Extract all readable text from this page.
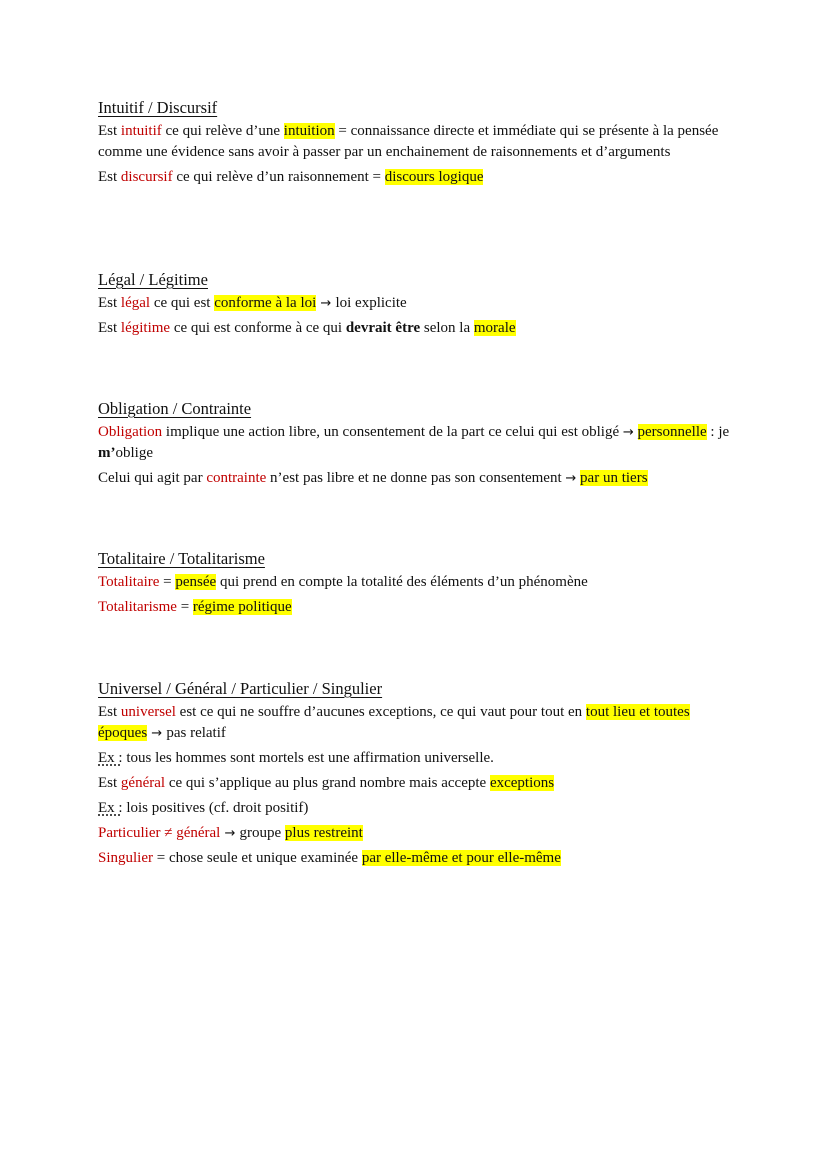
Intuitif / Discursif
Est intuitif ce qui relève d’une intuition = connaissance directe et immédiate qui se présente à la pensée comme une évidence sans avoir à passer par un enchainement de raisonnements et d’arguments
Est discursif ce qui relève d’un raisonnement = discours logique
Légal / Légitime
Est légal ce qui est conforme à la loi → loi explicite
Est légitime ce qui est conforme à ce qui devrait être selon la morale
Obligation / Contrainte
Obligation implique une action libre, un consentement de la part ce celui qui est obligé → personnelle : je m’oblige
Celui qui agit par contrainte n’est pas libre et ne donne pas son consentement → par un tiers
Totalitaire / Totalitarisme
Totalitaire = pensée qui prend en compte la totalité des éléments d’un phénomène
Totalitarisme = régime politique
Universel / Général / Particulier / Singulier
Est universel est ce qui ne souffre d’aucunes exceptions, ce qui vaut pour tout en tout lieu et toutes époques → pas relatif
Ex : tous les hommes sont mortels est une affirmation universelle.
Est général ce qui s’applique au plus grand nombre mais accepte exceptions
Ex : lois positives (cf. droit positif)
Particulier ≠ général → groupe plus restreint
Singulier = chose seule et unique examinée par elle-même et pour elle-même
